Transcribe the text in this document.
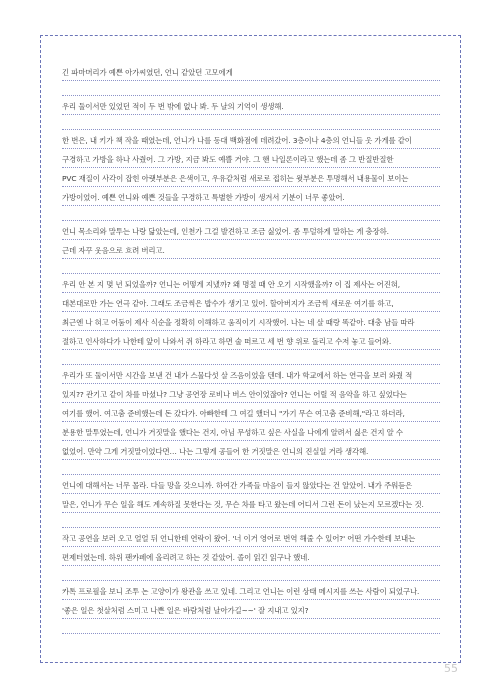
긴 파마머리가 예쁜 아가씨였던, 언니 같았던 고모에게
우리 둘이서만 있었던 적이 두 번 밖에 없나 봐. 두 날의 기억이 생생해.
한 번은, 내 키가 책 작을 때였는데, 언니가 나를 동대 백화점에 데려갔어. 3층이나 4층의 언니들 옷 가게를 같이
구경하고 가방을 하나 사줬어. 그 가방, 지금 봐도 예쁠 거야. 그 핸 나일론이라고 했는데 좀 그 반질반질한
PVC 재질이 사각이 잡힌 아랫부분은 은색이고, 우유같처럼 새로로 접히는 윗부분은 투명해서 내용물이 보이는
가방이었어. 예쁜 언니와 예쁜 것들을 구경하고 특별한 가방이 생겨서 기분이 너무 좋았어.
언니 목소리와 말투는 나랑 닮았는데, 인천가 그걸 발견하고 조금 싫었어. 좀 투덜하게 말하는 게 충장하.
근데 자꾸 웃음으로 흐려 버리고.
우리 안 본 지 몇 년 되었을까? 언니는 어떻게 지냈까? 왜 명절 때 안 오기 시작했을까? 이 집 제사는 어진혀,
대본대로만 가는 연극 같아. 그래도 조금씩은 밥수가 생기고 있어. 할아버지가 조금씩 새로운 여기를 하고,
최근엔 나 혀고 어둠이 제사 식순을 정확히 이해하고 움직이기 시작했어. 나는 네 살 때랑 똑같아. 대충 남들 따라
절하고 인사하다가 나한테 앞이 나와서 쥐 하라고 하면 술 떠르고 세 번 향 위로 돌리고 수저 놓고 들어와.
우리가 또 둘이서만 시간을 보낸 건 내가 스물다섯 살 즈음이었을 텐데. 내가 학교에서 하는 연극을 보러 와줬 적
있지?? 관기고 같이 차를 마셨나? 그냥 공연장 로비나 버스 안이었잖아? 언니는 어릴 적 음악을 하고 싶었다는
여기를 했어. 여고춤 준비했는데 돈 갔다가. 아빠한테 그 여길 했더니 "가기 무슨 여고춤 준비해,"라고 하더라,
분용한 말투였는데, 언니가 거짓말을 했다는 건지, 아님 무성하고 싶은 사실을 나에게 알려서 싫은 건지 알 수
없었어. 만약 그게 거짓말이었다면… 나는 그렇게 공들어 한 거짓말은 언니의 진실일 거라 생각해.
언니에 대해서는 너무 몰라. 다들 망을 갖으니까. 하여간 가족들 마음이 들지 않았다는 건 알았어. 내가 주워듣은
말은, 언니가 무슨 일을 해도 계속하질 못한다는 것, 무슨 차를 타고 왔는데 어디서 그런 돈이 났는지 모르겠다는 것.
작고 공연을 보러 오고 얼얼 뒤 언니한테 연락이 왔어. '너 이거 영어로 번역 해줄 수 있어?' 어떤 가수한테 보내는
편제터였는데. 하위 팬카페에 올리려고 하는 것 같았어. 졸이 읽긴 읽구나 했네.
카톡 프로필을 보니 조투 논 고양이가 왕관을 쓰고 있네. 그리고 언니는 이런 상태 메시지를 쓰는 사람이 되었구나.
'좋은 일은 첫살처럼 스미고 나쁜 일은 바람처럼 날아가길~~' 잘 지내고 있지?
55
